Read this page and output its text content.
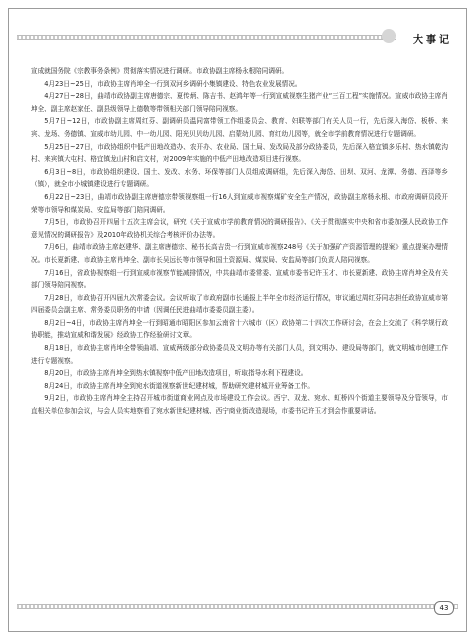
大事记

宣成就国务院《宗教事务条例》贯彻落实情况进行调研。市政协副主席杨永根陪同调研。

4月23日~25日，市政协主席肖坤全一行到双河乡调研小集镇建设、特色农业发展情况。

4月27日~28日，曲靖市政协副主席唐德宗、夏传炳、陈吉书、赵鸿年等一行到宣威视察生猪产业“三百工程”实施情况。宣威市政协主席肖坤全、副主席赵家任、副县级领导上德敬等带领相关部门领导陪同视察。

5月7日~12日，市政协副主席周红芬、副调研员温同富带领工作组委员会、教育、妇联等部门有关人员一行，先后深入海岱、板桥、来宾、龙场、务德镇、宣威市幼儿园、中一幼儿园、阳光贝贝幼儿园、启蒙幼儿园、育红幼儿园等，就全市学前教育情况进行专题调研。

5月25日~27日，市政协组织中低产田地改造办、农开办、农业局、国土局、发改局及部分政协委员，先后深入格宜镇多乐村、热水镇乾沟村、来宾镇大屯村、格宜镇龙山村和启文村，对2009年实施的中低产田地改造项目进行视察。

6月3日~8日，市政协组织建设、国土、发改、水务、环保等部门人员组成调研组，先后深入海岱、田坝、双河、龙潭、务德、西泽等乡（镇），就全市小城镇建设进行专题调研。

6月22日~23日，曲靖市政协副主席唐德宗带领视察组一行16人到宣威市视察煤矿安全生产情况，政协副主席杨永根、市政府调研员段开荣等市领导和煤炭局、安监局等部门陪同调研。

7月5日，市政协召开四届十五次主席会议，研究《关于宣威市学前教育情况的调研报告》、《关于贯彻落实中央和省市委加强人民政协工作意见情况的调研报告》及2010年政协机关综合考核评价办法等。

7月6日，曲靖市政协主席赵建华、副主席唐德宗、秘书长高吉贵一行到宣威市视察248号《关于加强矿产资源管理的提案》重点提案办理情况。市长夏新建、市政协主席肖坤全、副市长吴远长等市领导和国土资源局、煤炭局、安监局等部门负责人陪同视察。

7月16日，省政协视察组一行到宣威市视察节能减排情况，中共曲靖市委常委、宣威市委书记许玉才、市长夏新建、政协主席肖坤全及有关部门领导陪同视察。

7月28日，市政协召开四届九次常委会议。会议听取了市政府副市长通报上半年全市经济运行情况，审议通过周红芬同志担任政协宣威市第四届委员会副主席、常务委员职务的申请（因调任民进曲靖市委委员副主委）。

8月2日~4日，市政协主席肖坤全一行到昭通市昭阳区参加云南省十六城市（区）政协第二十四次工作研讨会，在会上交流了《科学规行政协职能，推动宣威和谐发展》经政协工作经验研讨文章。

8月18日，市政协主席肖坤全带领曲靖、宣威两级部分政协委员及文明办等有关部门人员，到文明办、建设局等部门，就文明城市创建工作进行专题视察。

8月20日，市政协主席肖坤全到热水镇视察中低产田地改造项目，听取指导水利下程建设。

8月24日，市政协主席肖坤全到宛水街道视察新世纪建材城，帮助研究建材城开业筹备工作。

9月2日，市政协主席肖坤全主持召开城市街道商业网点及市场建设工作会议。西宁、双龙、宛水、虹桥四个街道主要领导及分管领导，市直相关单位参加会议，与会人员实地察看了宛水新世纪建材城、西宁商业街改造现场，市委书记许玉才到会作重要讲话。

43
